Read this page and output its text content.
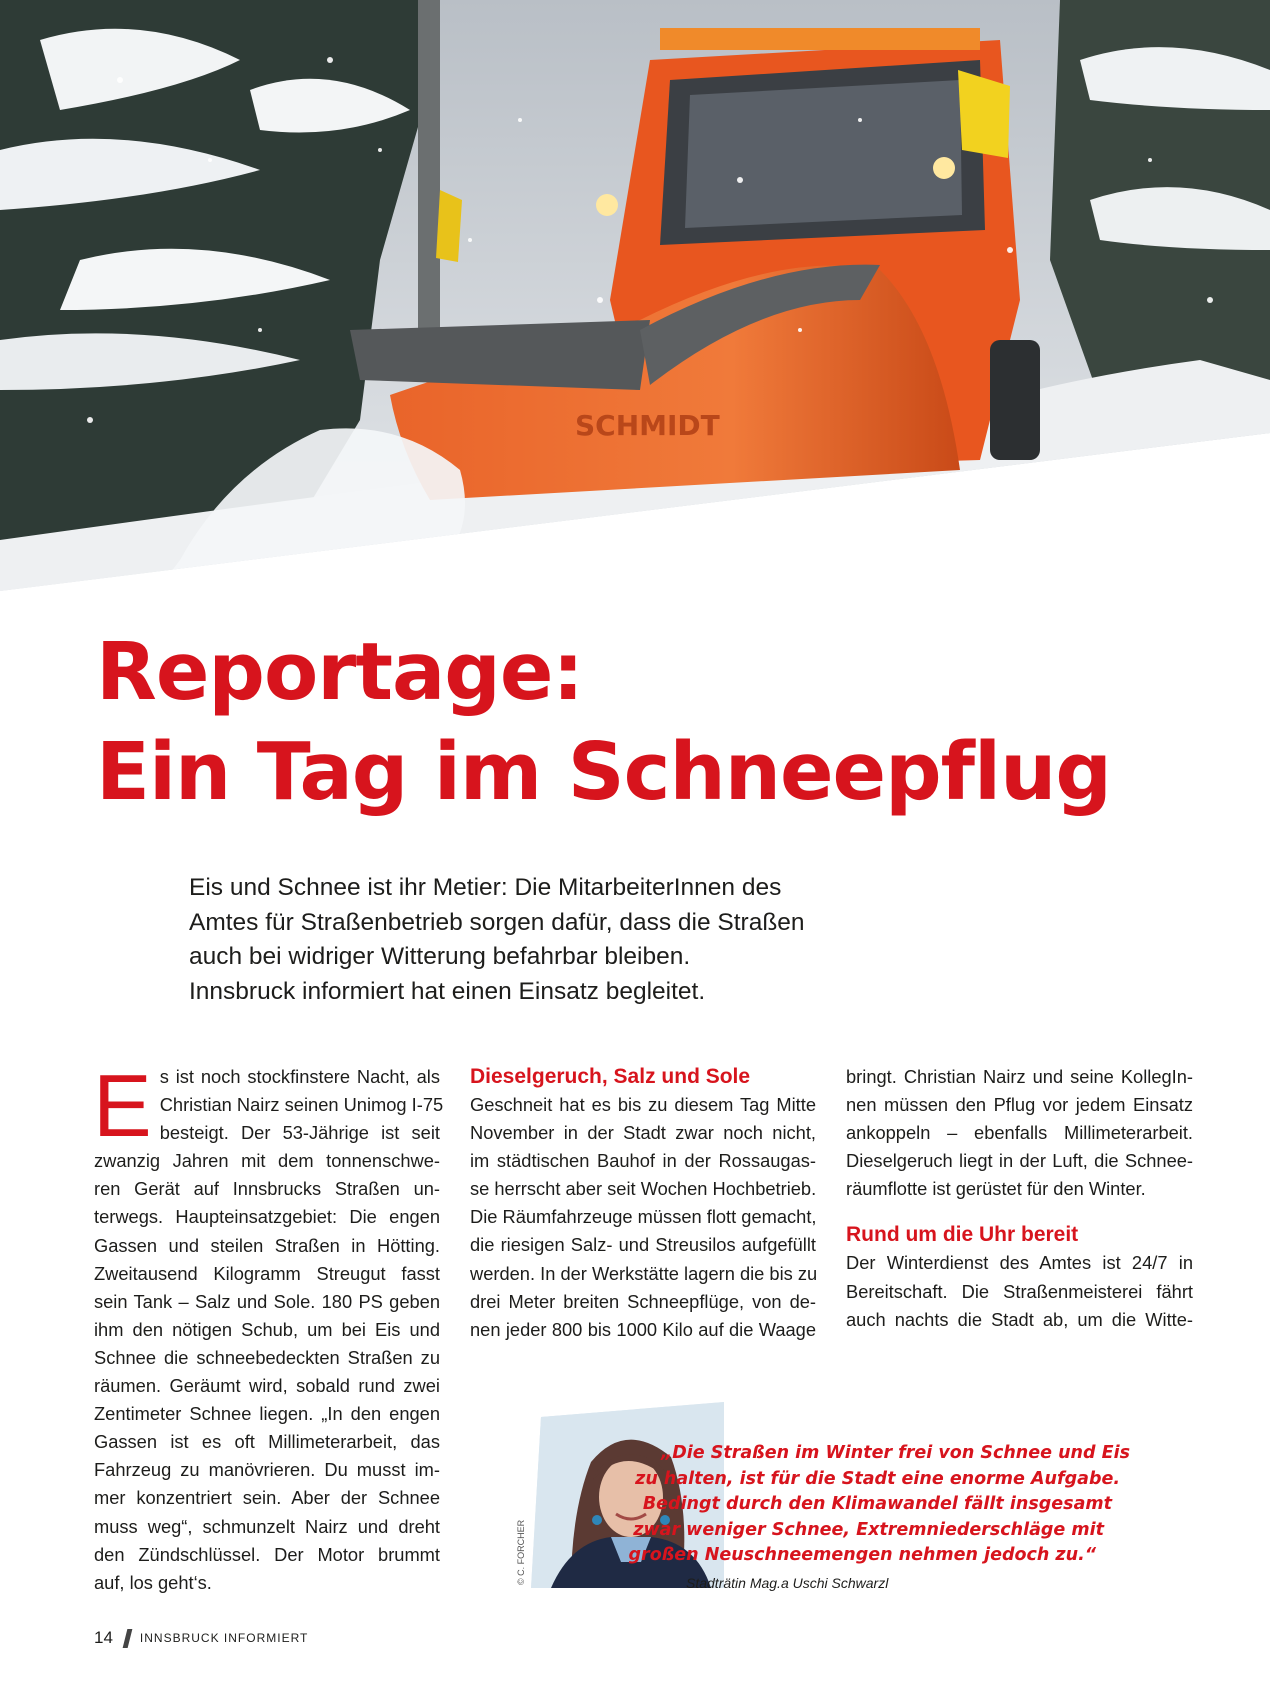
SCHMIDT
Reportage:
Ein Tag im Schneepflug
Eis und Schnee ist ihr Metier: Die MitarbeiterInnen des
Amtes für Straßenbetrieb sorgen dafür, dass die Straßen
auch bei widriger Witterung befahrbar bleiben.
Innsbruck informiert hat einen Einsatz begleitet.
E s ist noch stockfinstere Nacht, als
Christian Nairz seinen Unimog I-75
besteigt. Der 53-Jährige ist seit
zwanzig Jahren mit dem tonnenschwe-
ren Gerät auf Innsbrucks Straßen un-
terwegs. Haupteinsatzgebiet: Die engen
Gassen und steilen Straßen in Hötting.
Zweitausend Kilogramm Streugut fasst
sein Tank – Salz und Sole. 180 PS geben
ihm den nötigen Schub, um bei Eis und
Schnee die schneebedeckten Straßen zu
räumen. Geräumt wird, sobald rund zwei
Zentimeter Schnee liegen. „In den engen
Gassen ist es oft Millimeterarbeit, das
Fahrzeug zu manövrieren. Du musst im-
mer konzentriert sein. Aber der Schnee
muss weg“, schmunzelt Nairz und dreht
den Zündschlüssel. Der Motor brummt
auf, los geht‘s.
Dieselgeruch, Salz und Sole
Geschneit hat es bis zu diesem Tag Mitte
November in der Stadt zwar noch nicht,
im städtischen Bauhof in der Rossaugas-
se herrscht aber seit Wochen Hochbetrieb.
Die Räumfahrzeuge müssen flott gemacht,
die riesigen Salz- und Streusilos aufgefüllt
werden. In der Werkstätte lagern die bis zu
drei Meter breiten Schneepflüge, von de-
nen jeder 800 bis 1000 Kilo auf die Waage
bringt. Christian Nairz und seine KollegIn-
nen müssen den Pflug vor jedem Einsatz
ankoppeln – ebenfalls Millimeterarbeit.
Dieselgeruch liegt in der Luft, die Schnee-
räumflotte ist gerüstet für den Winter.
Rund um die Uhr bereit
Der Winterdienst des Amtes ist 24/7 in
Bereitschaft. Die Straßenmeisterei fährt
auch nachts die Stadt ab, um die Witte-
© C. FORCHER
„Die Straßen im Winter frei von Schnee und Eis
zu halten, ist für die Stadt eine enorme Aufgabe.
Bedingt durch den Klimawandel fällt insgesamt
zwar weniger Schnee, Extremniederschläge mit
großen Neuschneemengen nehmen jedoch zu.“
Stadträtin Mag.a Uschi Schwarzl
14 INNSBRUCK INFORMIERT
